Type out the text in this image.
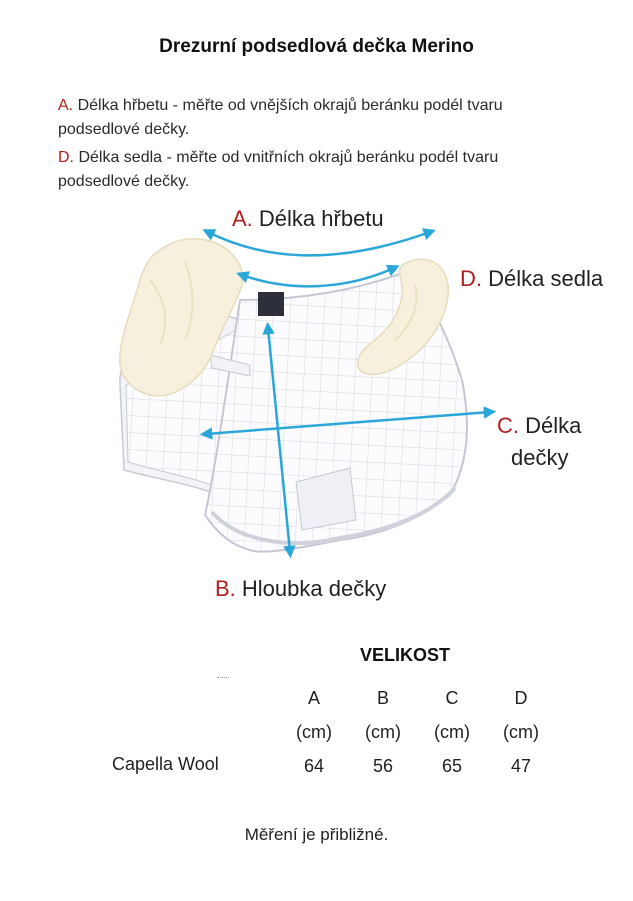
Drezurní podsedlová dečka Merino
A. Délka hřbetu - měřte od vnějších okrajů beránku podél tvaru podsedlové dečky.
D. Délka sedla - měřte od vnitřních okrajů beránku podél tvaru podsedlové dečky.
A. Délka hřbetu
D. Délka sedla
C. Délka
dečky
B. Hloubka dečky
VELIKOST
A
(cm)
64
B
(cm)
56
C
(cm)
65
D
(cm)
47
Capella Wool
Měření je přibližné.
